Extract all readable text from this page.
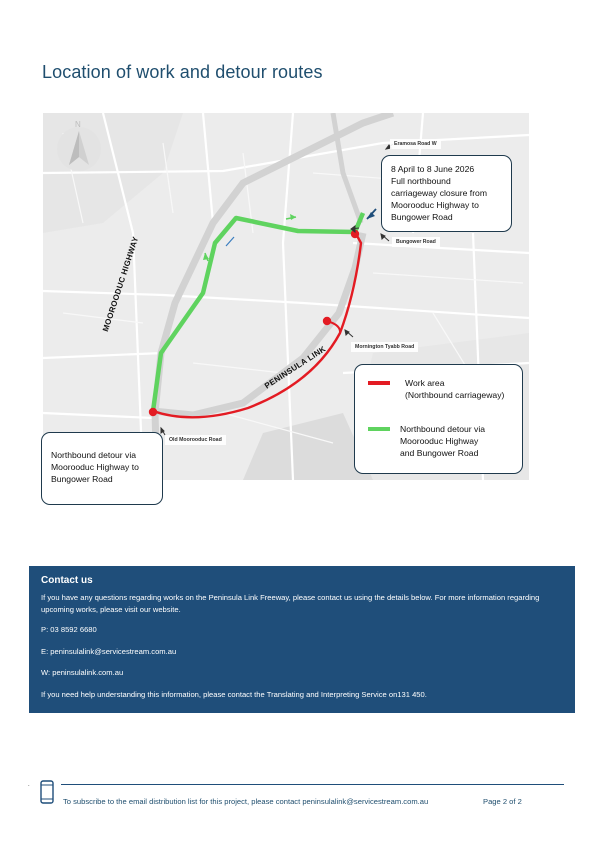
Location of work and detour routes
N
Eramosa Road W
Bungower Road
Mornington Tyabb Road
Old Moorooduc Road
MOOROODUC HIGHWAY
PENINSULA LINK
8 April to 8 June 2026
Full northbound
carriageway closure from
Moorooduc Highway to
Bungower Road
Northbound detour via
Moorooduc Highway to
Bungower Road
Work area
(Northbound carriageway)
Northbound detour via
Moorooduc Highway
and Bungower Road
Contact us

If you have any questions regarding works on the Peninsula Link Freeway, please contact us using the details below. For more information regarding upcoming works, please visit our website.

P: 03 8592 6680

E: peninsulalink@servicestream.com.au

W: peninsulalink.com.au

If you need help understanding this information, please contact the Translating and Interpreting Service on131 450.

.
To subscribe to the email distribution list for this project, please contact peninsulalink@servicestream.com.au	Page 2 of 2
